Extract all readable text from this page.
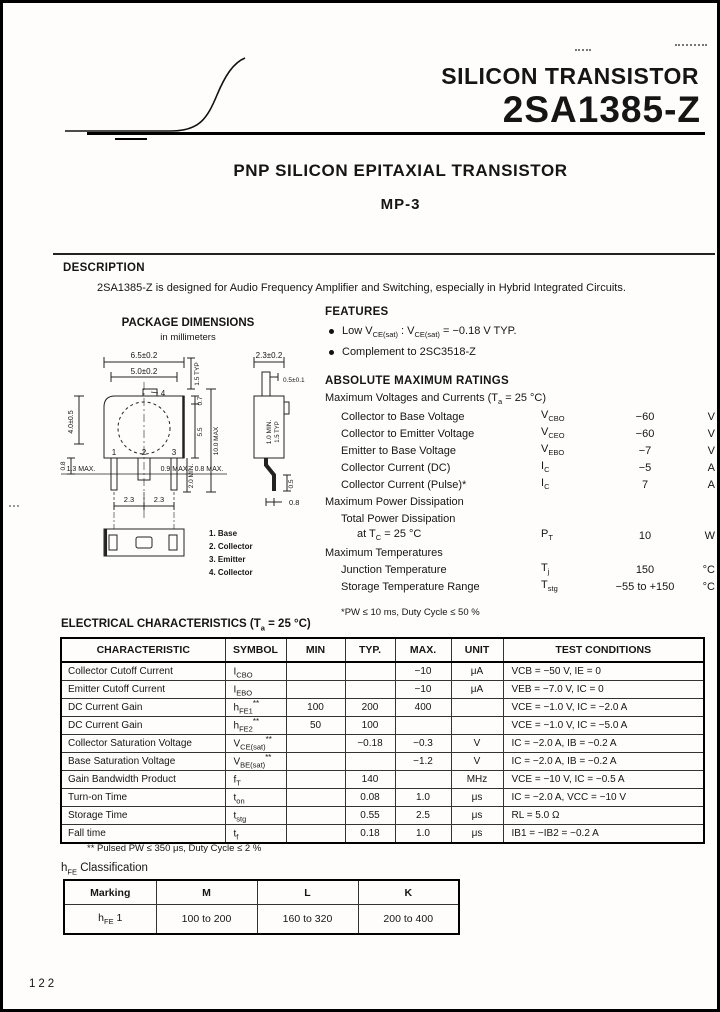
SILICON TRANSISTOR
2SA1385-Z
PNP SILICON EPITAXIAL TRANSISTOR
MP-3
DESCRIPTION
2SA1385-Z is designed for Audio Frequency Amplifier and Switching, especially in Hybrid Integrated Circuits.
PACKAGE DIMENSIONS
in millimeters
6.5±0.2
5.0±0.2	1.5 TYP
4.0±0.5
0.7
5.5 10.0 MAX
2.0 MIN.
0.8 1.3 MAX.	0.9 MAX. 0.8 MAX.
2.3	2.3
1	2	3
4
2.3±0.2
0.5±0.1
1.0 MIN. 1.5 TYP
0.5
0.8
1. Base
2. Collector
3. Emitter
4. Collector
FEATURES
Low $V_{CE(sat)}$ : $V_{CE(sat)} = -0.18$ V TYP.
Complement to 2SC3518-Z
ABSOLUTE MAXIMUM RATINGS
Maximum Voltages and Currents ($T_a = 25$ °C)
Collector to Base Voltage	$V_{CBO}$	−60	V
Collector to Emitter Voltage	$V_{CEO}$	−60	V
Emitter to Base Voltage	$V_{EBO}$	−7	V
Collector Current (DC)	$I_C$	−5	A
Collector Current (Pulse)*	$I_C$	7	A
Maximum Power Dissipation
Total Power Dissipation
at $T_C = 25$ °C	$P_T$	10	W
Maximum Temperatures
Junction Temperature	$T_j$	150	°C
Storage Temperature Range	$T_{stg}$	−55 to +150	°C
*PW ≤ 10 ms, Duty Cycle ≤ 50 %
ELECTRICAL CHARACTERISTICS ($T_a = 25$ °C)
CHARACTERISTIC	SYMBOL	MIN	TYP.	MAX.	UNIT	TEST CONDITIONS
Collector Cutoff Current	$I_{CBO}$			−10	μA	VCB = −50 V, IE = 0
Emitter Cutoff Current	$I_{EBO}$			−10	μA	VEB = −7.0 V, IC = 0
DC Current Gain	$h_{FE1}^{**}$	100	200	400		VCE = −1.0 V, IC = −2.0 A
DC Current Gain	$h_{FE2}^{**}$	50	100			VCE = −1.0 V, IC = −5.0 A
Collector Saturation Voltage	$V_{CE(sat)}^{**}$		−0.18	−0.3	V	IC = −2.0 A, IB = −0.2 A
Base Saturation Voltage	$V_{BE(sat)}^{**}$			−1.2	V	IC = −2.0 A, IB = −0.2 A
Gain Bandwidth Product	$f_T$		140		MHz	VCE = −10 V, IC = −0.5 A
Turn-on Time	$t_{on}$		0.08	1.0	μs	IC = −2.0 A, VCC = −10 V
Storage Time	$t_{stg}$		0.55	2.5	μs	RL = 5.0 Ω
Fall time	$t_f$		0.18	1.0	μs	IB1 = −IB2 = −0.2 A
** Pulsed PW ≤ 350 μs, Duty Cycle ≤ 2 %
$h_{FE}$ Classification
Marking	M	L	K
$h_{FE}$ 1	100 to 200	160 to 320	200 to 400
122
